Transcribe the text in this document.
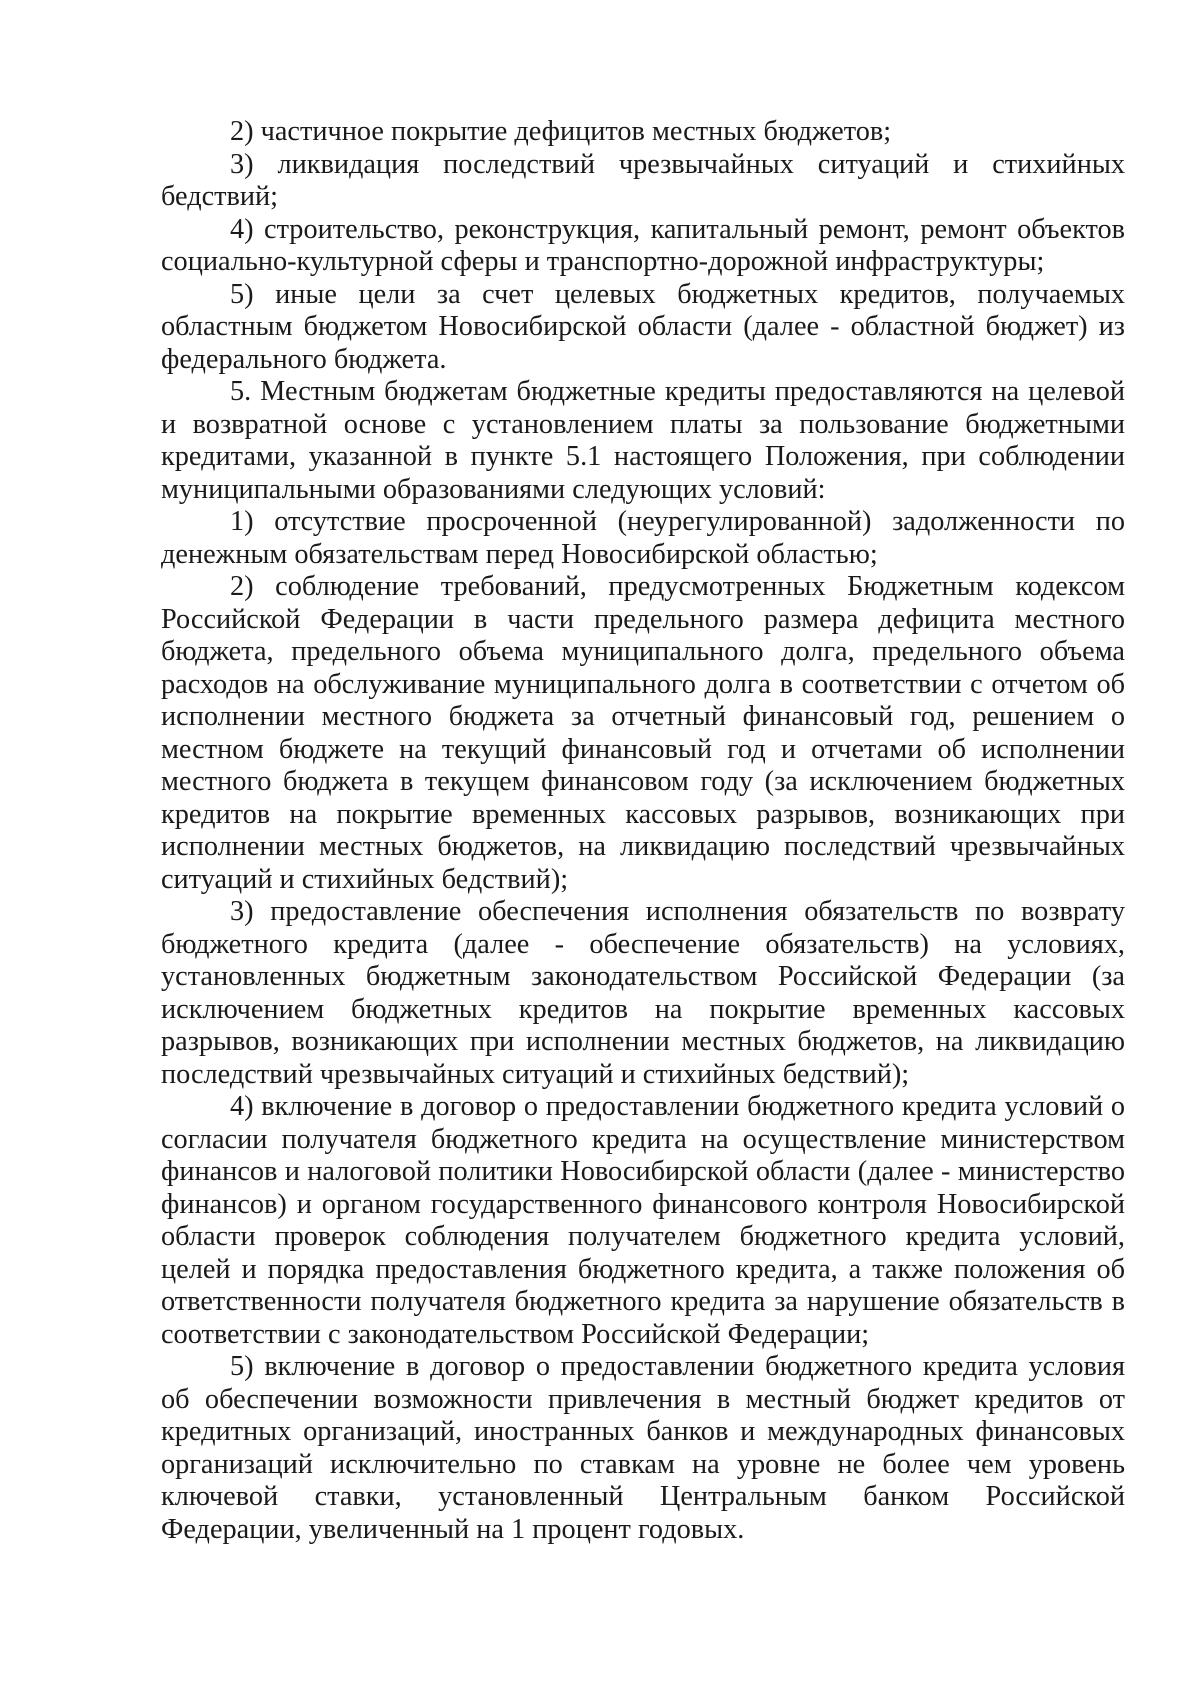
2) частичное покрытие дефицитов местных бюджетов;

3) ликвидация последствий чрезвычайных ситуаций и стихийных бедствий;

4) строительство, реконструкция, капитальный ремонт, ремонт объектов социально-культурной сферы и транспортно-дорожной инфраструктуры;

5) иные цели за счет целевых бюджетных кредитов, получаемых областным бюджетом Новосибирской области (далее - областной бюджет) из федерального бюджета.

5. Местным бюджетам бюджетные кредиты предоставляются на целевой и возвратной основе с установлением платы за пользование бюджетными кредитами, указанной в пункте 5.1 настоящего Положения, при соблюдении муниципальными образованиями следующих условий:

1) отсутствие просроченной (неурегулированной) задолженности по денежным обязательствам перед Новосибирской областью;

2) соблюдение требований, предусмотренных Бюджетным кодексом Российской Федерации в части предельного размера дефицита местного бюджета, предельного объема муниципального долга, предельного объема расходов на обслуживание муниципального долга в соответствии с отчетом об исполнении местного бюджета за отчетный финансовый год, решением о местном бюджете на текущий финансовый год и отчетами об исполнении местного бюджета в текущем финансовом году (за исключением бюджетных кредитов на покрытие временных кассовых разрывов, возникающих при исполнении местных бюджетов, на ликвидацию последствий чрезвычайных ситуаций и стихийных бедствий);

3) предоставление обеспечения исполнения обязательств по возврату бюджетного кредита (далее - обеспечение обязательств) на условиях, установленных бюджетным законодательством Российской Федерации (за исключением бюджетных кредитов на покрытие временных кассовых разрывов, возникающих при исполнении местных бюджетов, на ликвидацию последствий чрезвычайных ситуаций и стихийных бедствий);

4) включение в договор о предоставлении бюджетного кредита условий о согласии получателя бюджетного кредита на осуществление министерством финансов и налоговой политики Новосибирской области (далее - министерство финансов) и органом государственного финансового контроля Новосибирской области проверок соблюдения получателем бюджетного кредита условий, целей и порядка предоставления бюджетного кредита, а также положения об ответственности получателя бюджетного кредита за нарушение обязательств в соответствии с законодательством Российской Федерации;

5) включение в договор о предоставлении бюджетного кредита условия об обеспечении возможности привлечения в местный бюджет кредитов от кредитных организаций, иностранных банков и международных финансовых организаций исключительно по ставкам на уровне не более чем уровень ключевой ставки, установленный Центральным банком Российской Федерации, увеличенный на 1 процент годовых.
